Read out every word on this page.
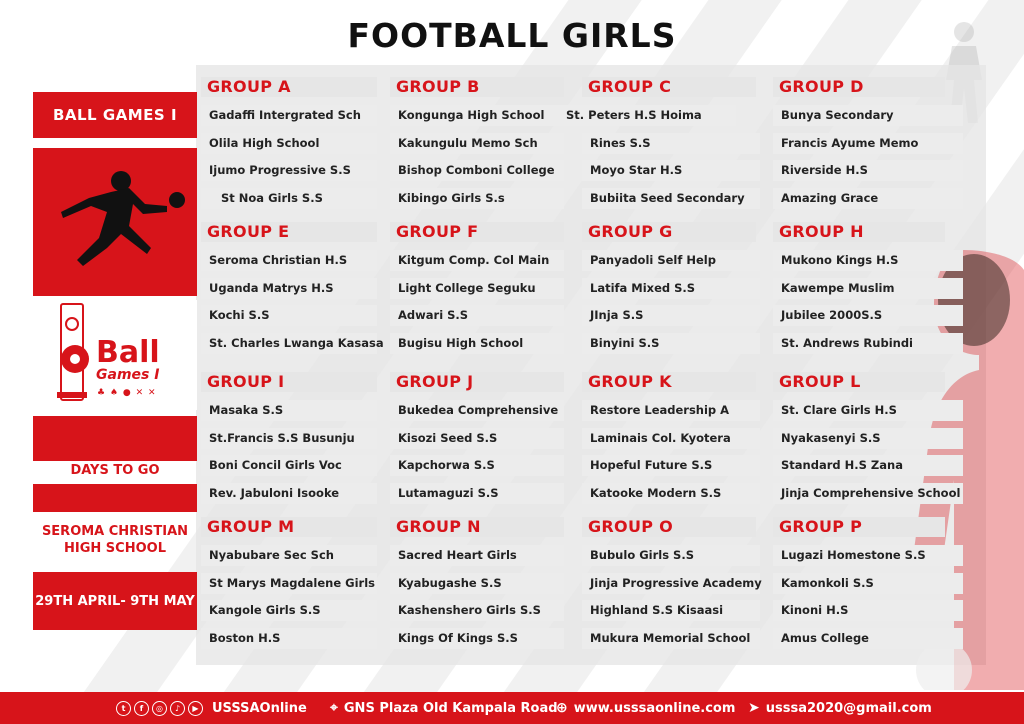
FOOTBALL GIRLS
BALL GAMES I
Ball
Games I
♣ ♠ ● ✕ ✕
DAYS TO GO
SEROMA CHRISTIAN
HIGH SCHOOL
29TH APRIL- 9TH MAY
GROUP A
Gadaffi Intergrated Sch
Olila High School
Ijumo Progressive S.S
St Noa Girls S.S
GROUP B
Kongunga High School
Kakungulu Memo Sch
Bishop Comboni College
Kibingo Girls S.s
GROUP C
St. Peters H.S Hoima
Rines S.S
Moyo Star H.S
Bubiita Seed Secondary
GROUP D
Bunya Secondary
Francis Ayume Memo
Riverside H.S
Amazing Grace
GROUP E
Seroma Christian H.S
Uganda Matrys H.S
Kochi S.S
St. Charles Lwanga Kasasa
GROUP F
Kitgum Comp. Col Main
Light College Seguku
Adwari S.S
Bugisu High School
GROUP G
Panyadoli Self Help
Latifa Mixed S.S
JInja S.S
Binyini S.S
GROUP H
Mukono Kings H.S
Kawempe Muslim
Jubilee 2000S.S
St. Andrews Rubindi
GROUP I
Masaka S.S
St.Francis S.S Busunju
Boni Concil Girls Voc
Rev. Jabuloni Isooke
GROUP J
Bukedea Comprehensive
Kisozi Seed S.S
Kapchorwa S.S
Lutamaguzi S.S
GROUP K
Restore Leadership A
Laminais Col. Kyotera
Hopeful Future S.S
Katooke Modern S.S
GROUP L
St. Clare Girls H.S
Nyakasenyi S.S
Standard H.S Zana
Jinja Comprehensive School
GROUP M
Nyabubare Sec Sch
St Marys Magdalene Girls
Kangole Girls S.S
Boston H.S
GROUP N
Sacred Heart Girls
Kyabugashe S.S
Kashenshero Girls S.S
Kings Of Kings S.S
GROUP O
Bubulo Girls S.S
Jinja Progressive Academy
Highland S.S Kisaasi
Mukura Memorial School
GROUP P
Lugazi Homestone S.S
Kamonkoli S.S
Kinoni H.S
Amus College
t	f	◎	♪	▶	USSSAOnline ⌖ GNS Plaza Old Kampala Road
⊕ www.usssaonline.com ➤ usssa2020@gmail.com
